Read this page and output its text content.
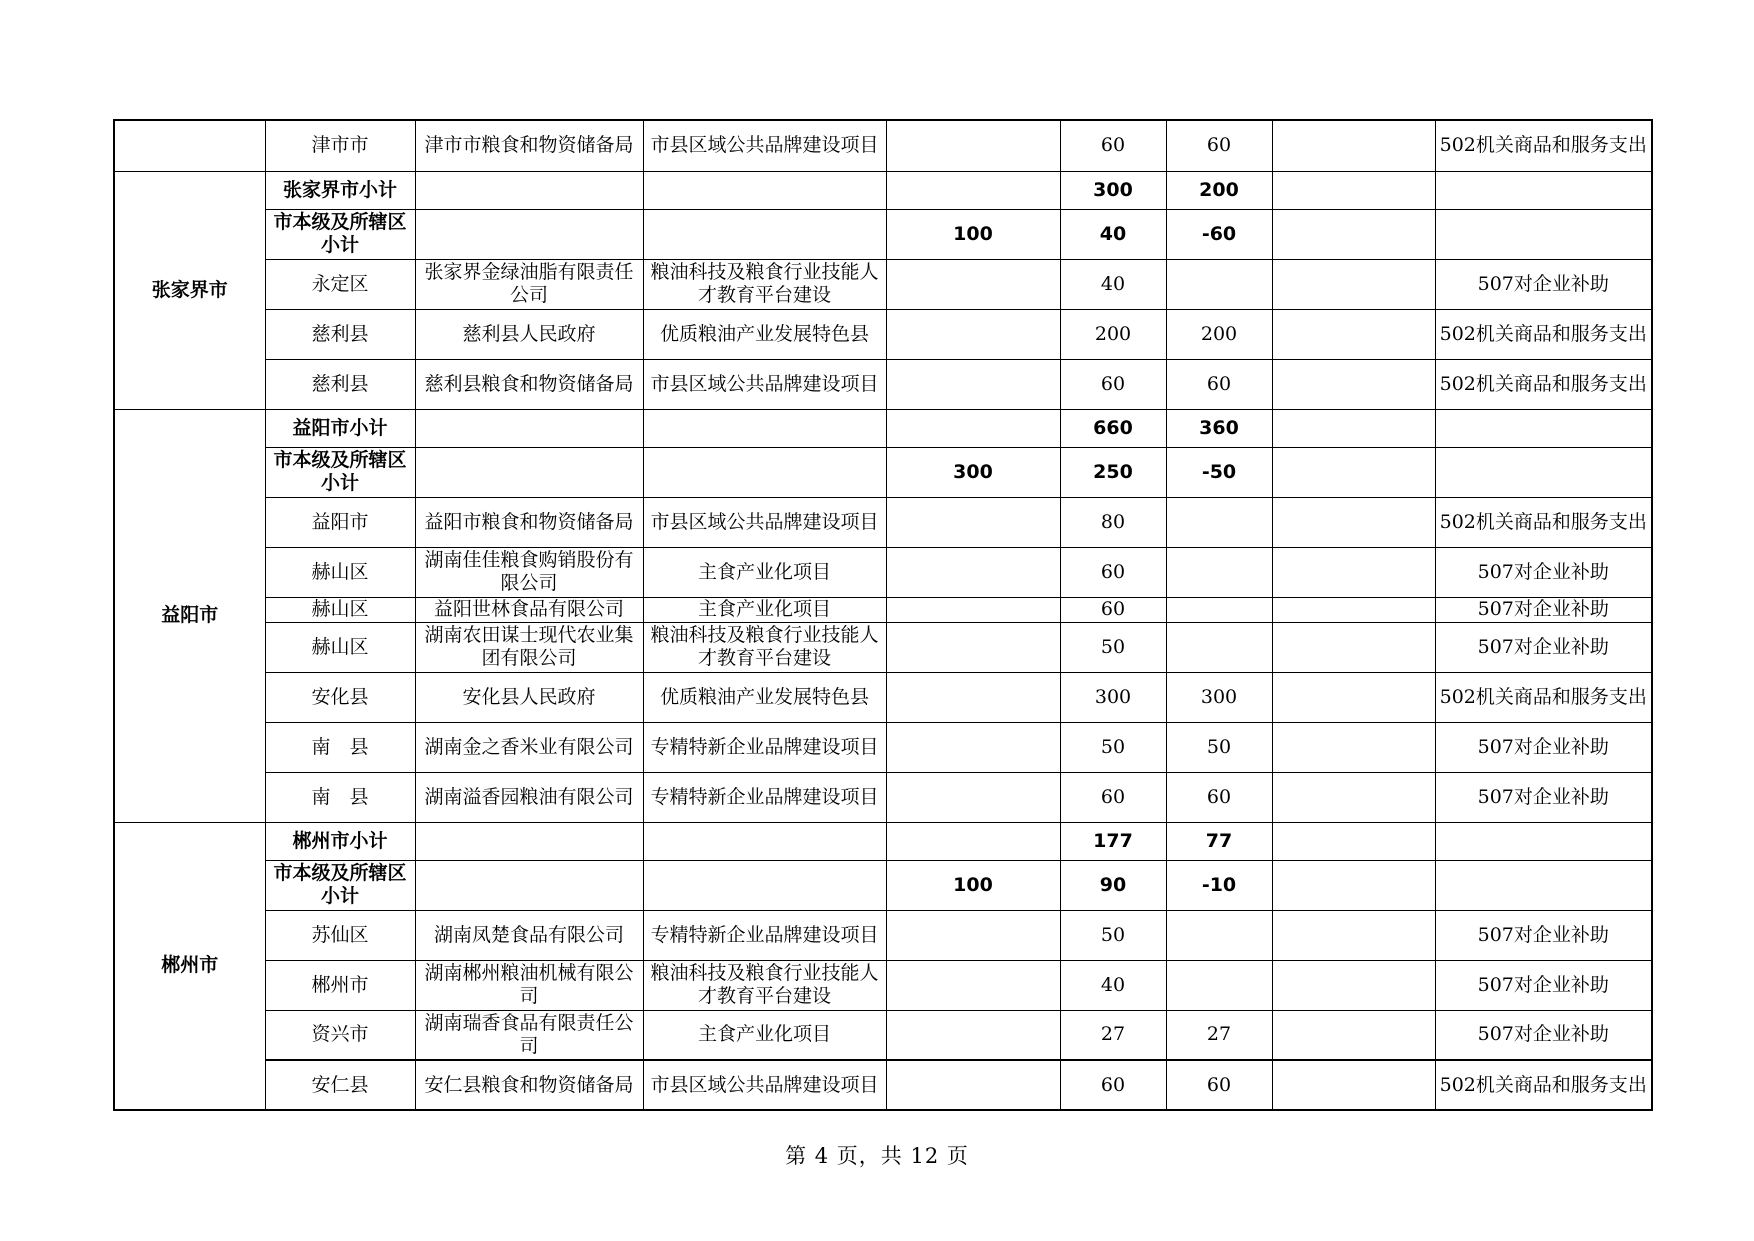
	津市市	津市市粮食和物资储备局	市县区域公共品牌建设项目		60	60		502机关商品和服务支出
张家界市	张家界市小计				300	200		
	市本级及所辖区小计			100	40	-60		
	永定区	张家界金绿油脂有限责任公司	粮油科技及粮食行业技能人才教育平台建设		40			507对企业补助
	慈利县	慈利县人民政府	优质粮油产业发展特色县		200	200		502机关商品和服务支出
	慈利县	慈利县粮食和物资储备局	市县区域公共品牌建设项目		60	60		502机关商品和服务支出
益阳市	益阳市小计				660	360		
	市本级及所辖区小计			300	250	-50		
	益阳市	益阳市粮食和物资储备局	市县区域公共品牌建设项目		80			502机关商品和服务支出
	赫山区	湖南佳佳粮食购销股份有限公司	主食产业化项目		60			507对企业补助
	赫山区	益阳世林食品有限公司	主食产业化项目		60			507对企业补助
	赫山区	湖南农田谋士现代农业集团有限公司	粮油科技及粮食行业技能人才教育平台建设		50			507对企业补助
	安化县	安化县人民政府	优质粮油产业发展特色县		300	300		502机关商品和服务支出
	南　县	湖南金之香米业有限公司	专精特新企业品牌建设项目		50	50		507对企业补助
	南　县	湖南溢香园粮油有限公司	专精特新企业品牌建设项目		60	60		507对企业补助
郴州市	郴州市小计				177	77		
	市本级及所辖区小计			100	90	-10		
	苏仙区	湖南凤楚食品有限公司	专精特新企业品牌建设项目		50			507对企业补助
	郴州市	湖南郴州粮油机械有限公司	粮油科技及粮食行业技能人才教育平台建设		40			507对企业补助
	资兴市	湖南瑞香食品有限责任公司	主食产业化项目		27	27		507对企业补助
	安仁县	安仁县粮食和物资储备局	市县区域公共品牌建设项目		60	60		502机关商品和服务支出
第 4 页，共 12 页
